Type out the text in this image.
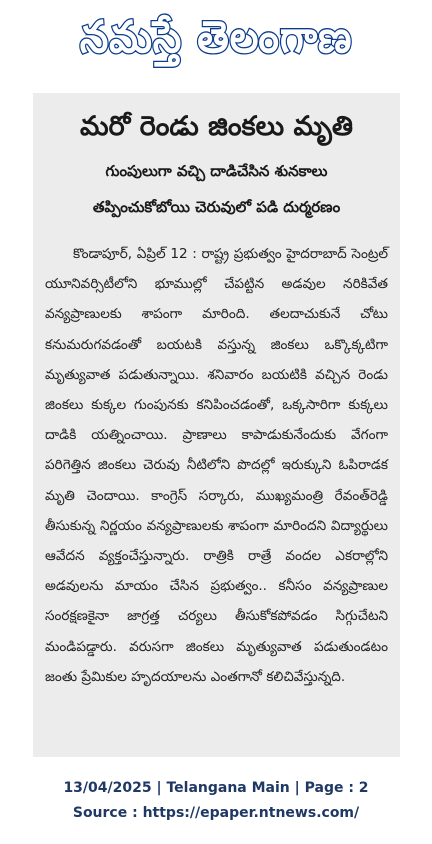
నమస్తే తెలంగాణ
మరో రెండు జింకలు మృతి
గుంపులుగా వచ్చి దాడిచేసిన శునకాలు
తప్పించుకోబోయి చెరువులో పడి దుర్మరణం
కొండాపూర్, ఏప్రిల్ 12 : రాష్ట్ర ప్రభుత్వం హైదరాబాద్ సెంట్రల్ యూనివర్సిటీలోని భూముల్లో చేపట్టిన అడవుల నరికివేత వన్యప్రాణులకు శాపంగా మారింది. తలదాచుకునే చోటు కనుమరుగవడంతో బయటకి వస్తున్న జింకలు ఒక్కొక్కటిగా మృత్యువాత పడుతున్నాయి. శనివారం బయటికి వచ్చిన రెండు జింకలు కుక్కల గుంపునకు కనిపించడంతో, ఒక్కసారిగా కుక్కలు దాడికి యత్నించాయి. ప్రాణాలు కాపాడుకునేందుకు వేగంగా పరిగెత్తిన జింకలు చెరువు నీటిలోని పొదల్లో ఇరుక్కుని ఓపిరాడక మృతి చెందాయి. కాంగ్రెస్ సర్కారు, ముఖ్యమంత్రి రేవంత్‌రెడ్డి తీసుకున్న నిర్ణయం వన్యప్రాణులకు శాపంగా మారిందని విద్యార్థులు ఆవేదన వ్యక్తంచేస్తున్నారు. రాత్రికి రాత్రే వందల ఎకరాల్లోని అడవులను మాయం చేసిన ప్రభుత్వం.. కనీసం వన్యప్రాణుల సంరక్షణకైనా జాగ్రత్త చర్యలు తీసుకోకపోవడం సిగ్గుచేటని మండిపడ్డారు. వరుసగా జింకలు మృత్యువాత పడుతుండటం జంతు ప్రేమికుల హృదయాలను ఎంతగానో కలిచివేస్తున్నది.
13/04/2025 | Telangana Main | Page : 2
Source : https://epaper.ntnews.com/
